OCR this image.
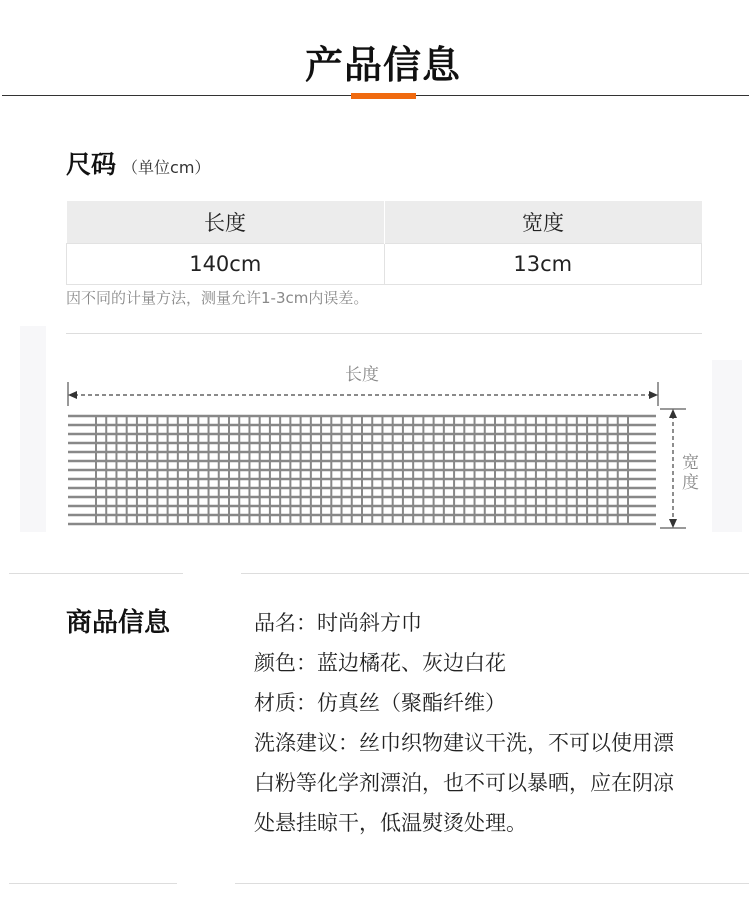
产品信息
尺码 （单位cm）
长度	宽度
140cm	13cm
因不同的计量方法，测量允许1-3cm内误差。
长度
宽度
商品信息	品名：时尚斜方巾
颜色：蓝边橘花、灰边白花
材质：仿真丝（聚酯纤维）
洗涤建议：丝巾织物建议干洗，不可以使用漂
白粉等化学剂漂泊，也不可以暴晒，应在阴凉
处悬挂晾干，低温熨烫处理。
